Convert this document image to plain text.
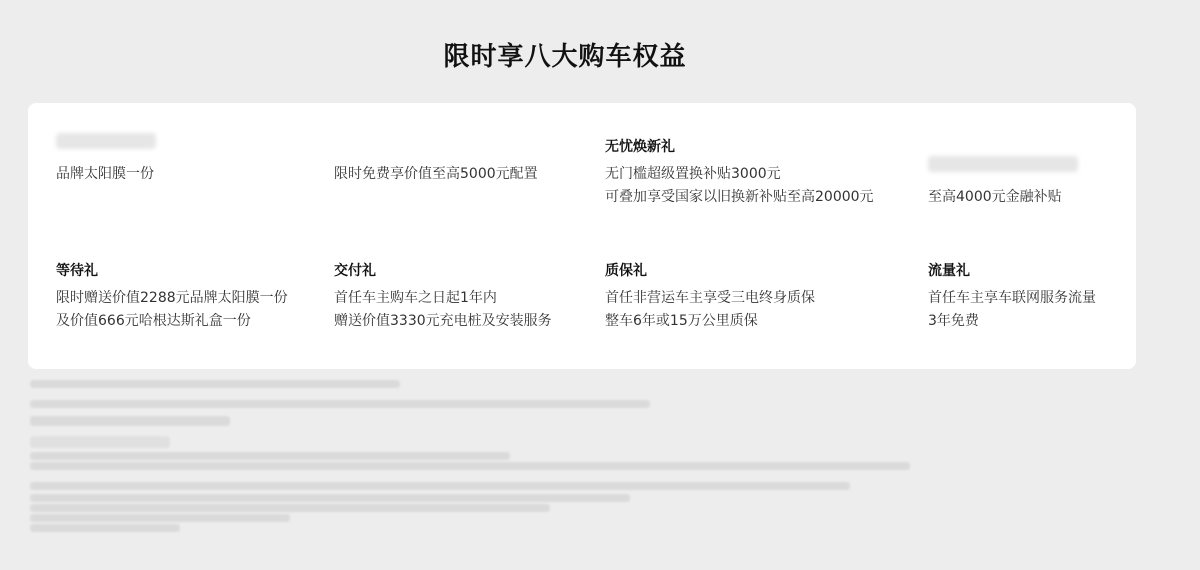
限时享八大购车权益
品牌太阳膜一份	限时免费享价值至高5000元配置
无忧焕新礼
无门槛超级置换补贴3000元
可叠加享受国家以旧换新补贴至高20000元	至高4000元金融补贴
等待礼
限时赠送价值2288元品牌太阳膜一份
及价值666元哈根达斯礼盒一份
交付礼
首任车主购车之日起1年内
赠送价值3330元充电桩及安装服务
质保礼
首任非营运车主享受三电终身质保
整车6年或15万公里质保
流量礼
首任车主享车联网服务流量
3年免费
